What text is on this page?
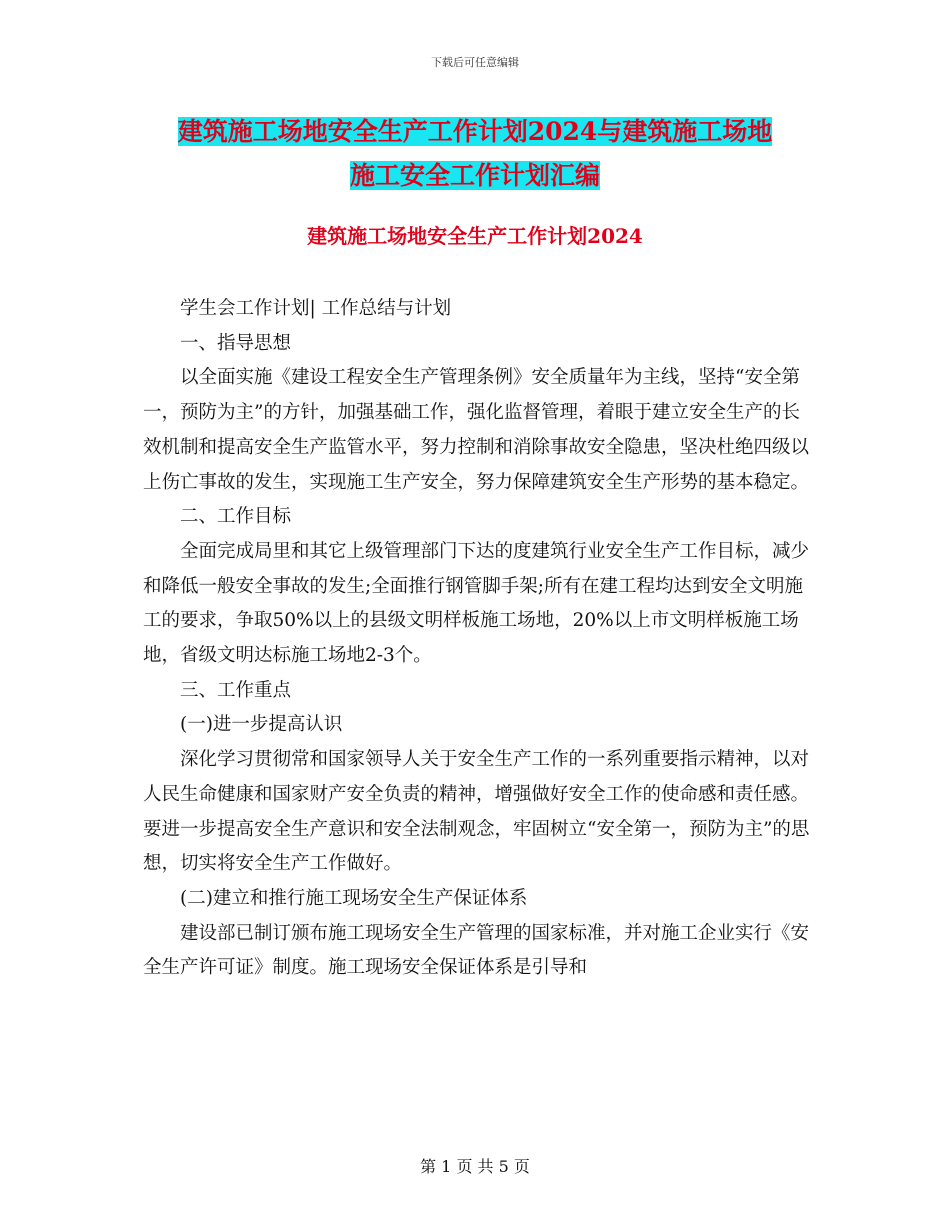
下载后可任意编辑
建筑施工场地安全生产工作计划2024与建筑施工场地
施工安全工作计划汇编
建筑施工场地安全生产工作计划2024

学生会工作计划| 工作总结与计划

一、指导思想

以全面实施《建设工程安全生产管理条例》安全质量年为主线，坚持“安全第一，预防为主”的方针，加强基础工作，强化监督管理，着眼于建立安全生产的长效机制和提高安全生产监管水平，努力控制和消除事故安全隐患，坚决杜绝四级以上伤亡事故的发生，实现施工生产安全，努力保障建筑安全生产形势的基本稳定。

二、工作目标

全面完成局里和其它上级管理部门下达的度建筑行业安全生产工作目标，减少和降低一般安全事故的发生;全面推行钢管脚手架;所有在建工程均达到安全文明施工的要求，争取50%以上的县级文明样板施工场地，20%以上市文明样板施工场地，省级文明达标施工场地2-3个。

三、工作重点

(一)进一步提高认识

深化学习贯彻常和国家领导人关于安全生产工作的一系列重要指示精神，以对人民生命健康和国家财产安全负责的精神，增强做好安全工作的使命感和责任感。要进一步提高安全生产意识和安全法制观念，牢固树立“安全第一，预防为主”的思想，切实将安全生产工作做好。

(二)建立和推行施工现场安全生产保证体系

建设部已制订颁布施工现场安全生产管理的国家标准，并对施工企业实行《安全生产许可证》制度。施工现场安全保证体系是引导和

第 1 页 共 5 页
